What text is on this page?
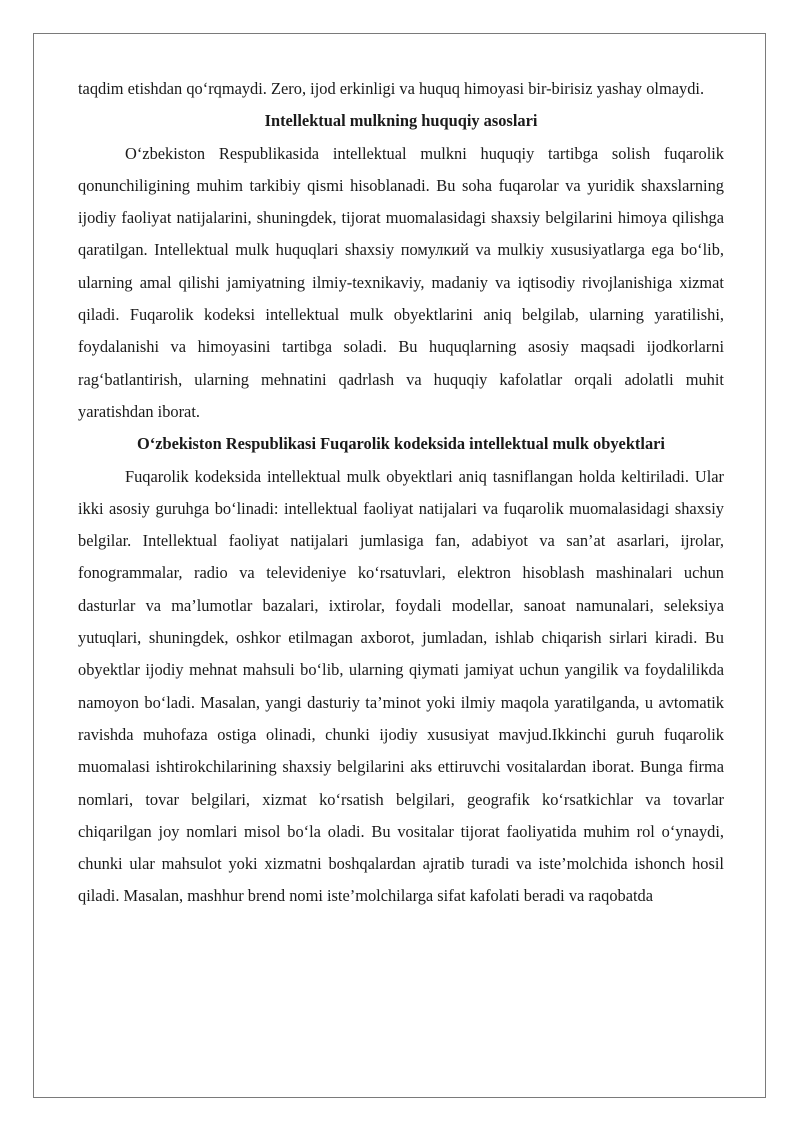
taqdim etishdan qo‘rqmaydi. Zero, ijod erkinligi va huquq himoyasi bir-birisiz yashay olmaydi.

Intellektual mulkning huquqiy asoslari

O‘zbekiston Respublikasida intellektual mulkni huquqiy tartibga solish fuqarolik qonunchiligining muhim tarkibiy qismi hisoblanadi. Bu soha fuqarolar va yuridik shaxslarning ijodiy faoliyat natijalarini, shuningdek, tijorat muomalasidagi shaxsiy belgilarini himoya qilishga qaratilgan. Intellektual mulk huquqlari shaxsiy помулкий va mulkiy xususiyatlarga ega bo‘lib, ularning amal qilishi jamiyatning ilmiy-texnikaviy, madaniy va iqtisodiy rivojlanishiga xizmat qiladi. Fuqarolik kodeksi intellektual mulk obyektlarini aniq belgilab, ularning yaratilishi, foydalanishi va himoyasini tartibga soladi. Bu huquqlarning asosiy maqsadi ijodkorlarni rag‘batlantirish, ularning mehnatini qadrlash va huquqiy kafolatlar orqali adolatli muhit yaratishdan iborat.

O‘zbekiston Respublikasi Fuqarolik kodeksida intellektual mulk obyektlari

Fuqarolik kodeksida intellektual mulk obyektlari aniq tasniflangan holda keltiriladi. Ular ikki asosiy guruhga bo‘linadi: intellektual faoliyat natijalari va fuqarolik muomalasidagi shaxsiy belgilar. Intellektual faoliyat natijalari jumlasiga fan, adabiyot va san’at asarlari, ijrolar, fonogrammalar, radio va televideniye ko‘rsatuvlari, elektron hisoblash mashinalari uchun dasturlar va ma’lumotlar bazalari, ixtirolar, foydali modellar, sanoat namunalari, seleksiya yutuqlari, shuningdek, oshkor etilmagan axborot, jumladan, ishlab chiqarish sirlari kiradi. Bu obyektlar ijodiy mehnat mahsuli bo‘lib, ularning qiymati jamiyat uchun yangilik va foydalilikda namoyon bo‘ladi. Masalan, yangi dasturiy ta’minot yoki ilmiy maqola yaratilganda, u avtomatik ravishda muhofaza ostiga olinadi, chunki ijodiy xususiyat mavjud.Ikkinchi guruh fuqarolik muomalasi ishtirokchilarining shaxsiy belgilarini aks ettiruvchi vositalardan iborat. Bunga firma nomlari, tovar belgilari, xizmat ko‘rsatish belgilari, geografik ko‘rsatkichlar va tovarlar chiqarilgan joy nomlari misol bo‘la oladi. Bu vositalar tijorat faoliyatida muhim rol o‘ynaydi, chunki ular mahsulot yoki xizmatni boshqalardan ajratib turadi va iste’molchida ishonch hosil qiladi. Masalan, mashhur brend nomi iste’molchilarga sifat kafolati beradi va raqobatda
